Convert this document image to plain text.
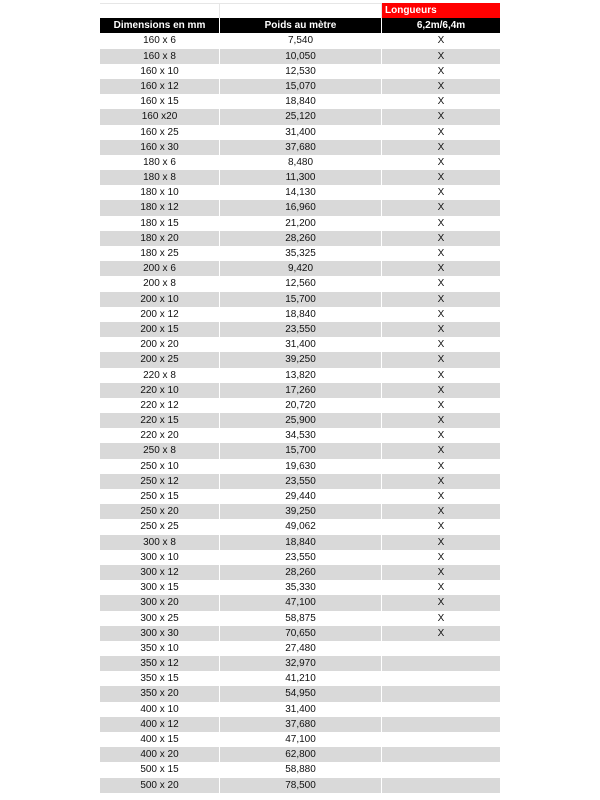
Longueurs
Dimensions en mm	Poids au mètre	6,2m/6,4m
160 x 6	7,540	X
160 x 8	10,050	X
160 x 10	12,530	X
160 x 12	15,070	X
160 x 15	18,840	X
160 x20	25,120	X
160 x 25	31,400	X
160 x 30	37,680	X
180 x 6	8,480	X
180 x 8	11,300	X
180 x 10	14,130	X
180 x 12	16,960	X
180 x 15	21,200	X
180 x 20	28,260	X
180 x 25	35,325	X
200 x 6	9,420	X
200 x 8	12,560	X
200 x 10	15,700	X
200 x 12	18,840	X
200 x 15	23,550	X
200 x 20	31,400	X
200 x 25	39,250	X
220 x 8	13,820	X
220 x 10	17,260	X
220 x 12	20,720	X
220 x 15	25,900	X
220 x 20	34,530	X
250 x 8	15,700	X
250 x 10	19,630	X
250 x 12	23,550	X
250 x 15	29,440	X
250 x 20	39,250	X
250 x 25	49,062	X
300 x 8	18,840	X
300 x 10	23,550	X
300 x 12	28,260	X
300 x 15	35,330	X
300 x 20	47,100	X
300 x 25	58,875	X
300 x 30	70,650	X
350 x 10	27,480
350 x 12	32,970
350 x 15	41,210
350 x 20	54,950
400 x 10	31,400
400 x 12	37,680
400 x 15	47,100
400 x 20	62,800
500 x 15	58,880
500 x 20	78,500
